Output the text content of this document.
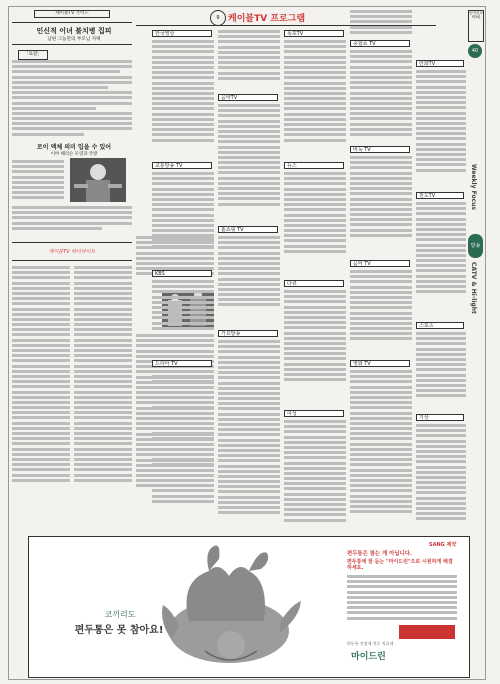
케이블TV 가이드
인신적 이녀 불치병 집피
남편 그놈만의 부모님 자택
「로얄」
로이 액체 의미 입을 수 있어
이야 해리슨 모델과 국방
케이블TV 하이라이트
9 케이블TV 프로그램
한국영상
교통방송 TV
KBS
드라마 TV
음악TV
홈쇼핑 TV
가요방송
폭포TV
뉴스
다큐
여성
종합쇼 TV
바둑 TV
음악 TV
영화 TV
만화TV
천도TV
스포츠
기상
동아일보
제3판
40
Weekly Focus
방송
CATV & Hi-light
SANG 제약
코끼리도
편두통은 못 참아요!
편두통은 참는 게 아닙니다.
편두통에 잘 듣는 "마이드린"으로 시원하게 해결하세요.
편두통 진정제 전문 치료제
마이드린
